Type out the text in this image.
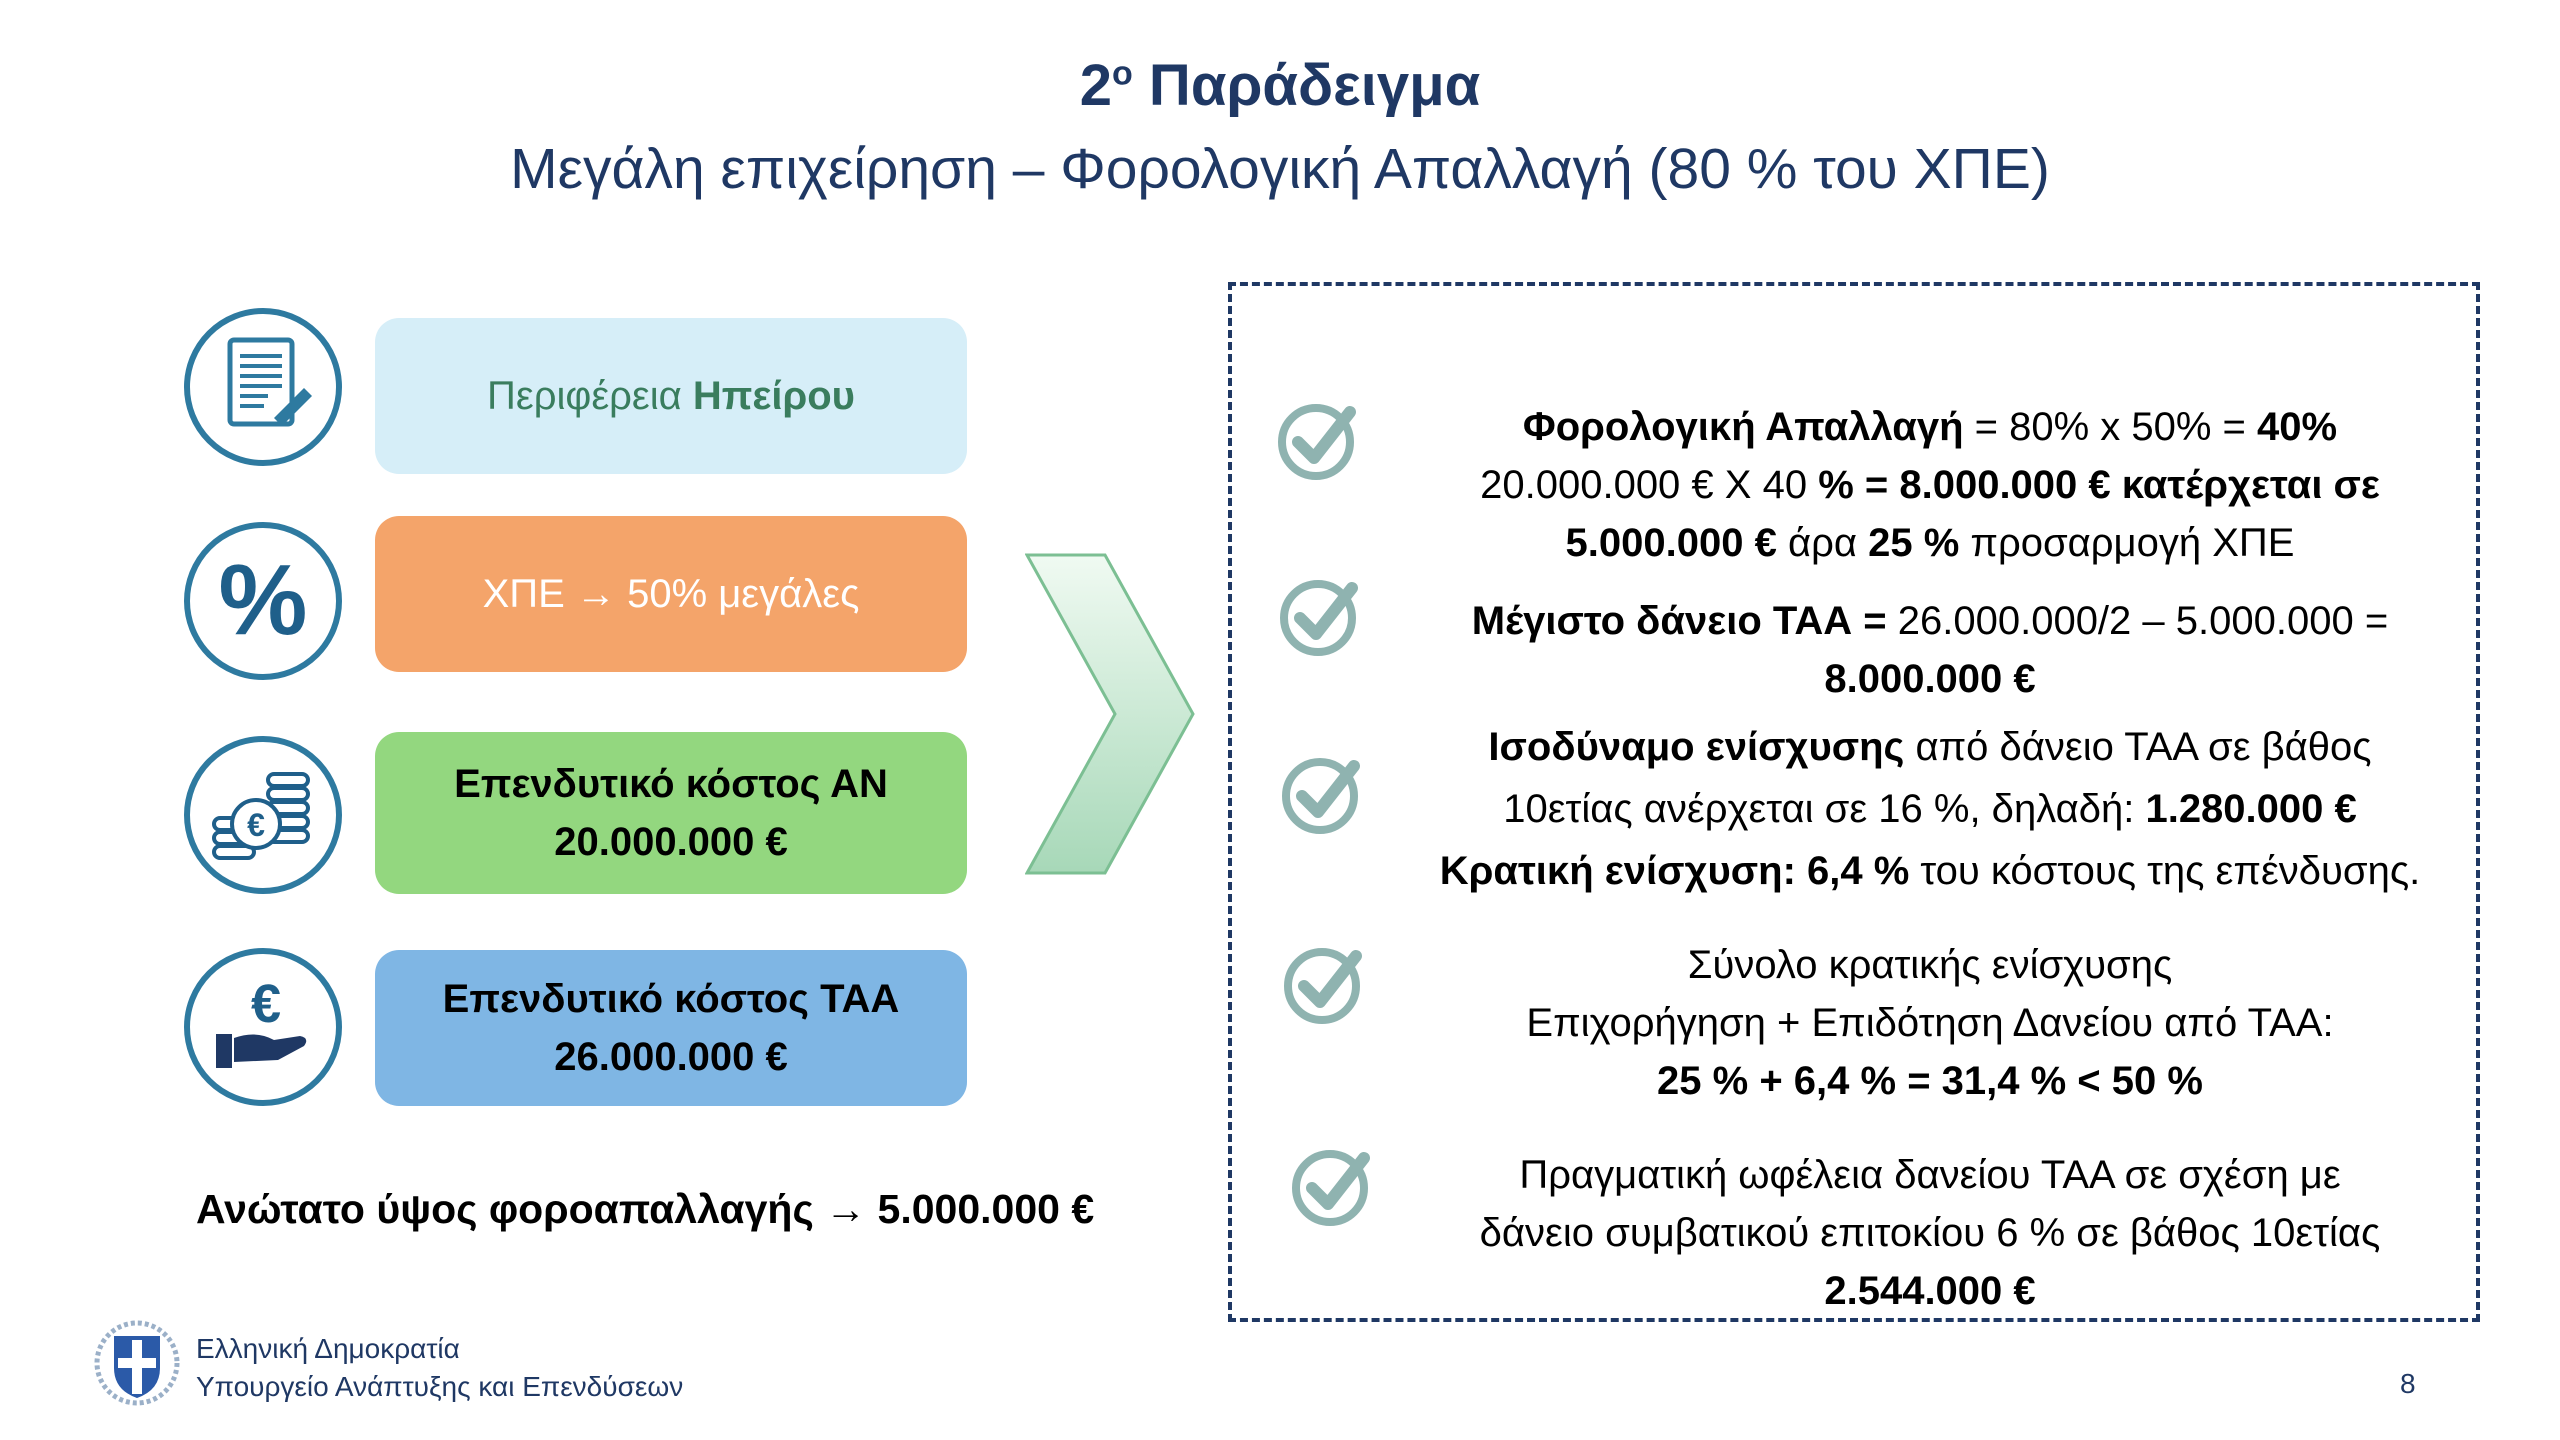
$2^o$ Παράδειγμα
Μεγάλη επιχείρηση – Φορολογική Απαλλαγή (80 % του ΧΠΕ)
%
€
€
Περιφέρεια Ηπείρου
ΧΠΕ → 50% μεγάλες
Επενδυτικό κόστος ΑΝ
20.000.000 €
Επενδυτικό κόστος ΤΑΑ
26.000.000 €
Ανώτατο ύψος φοροαπαλλαγής → 5.000.000 €
Φορολογική Απαλλαγή = 80% x 50% = 40%
20.000.000 € Χ 40 % = 8.000.000 € κατέρχεται σε
5.000.000 € άρα 25 % προσαρμογή ΧΠΕ
Μέγιστο δάνειο ΤΑΑ = 26.000.000/2 – 5.000.000 =
8.000.000 €
Ισοδύναμο ενίσχυσης από δάνειο ΤΑΑ σε βάθος
10ετίας ανέρχεται σε 16 %, δηλαδή: 1.280.000 €
Κρατική ενίσχυση: 6,4 % του κόστους της επένδυσης.
Σύνολο κρατικής ενίσχυσης
Επιχορήγηση + Επιδότηση Δανείου από ΤΑΑ:
25 % + 6,4 % = 31,4 % < 50 %
Πραγματική ωφέλεια δανείου ΤΑΑ σε σχέση με
δάνειο συμβατικού επιτοκίου 6 % σε βάθος 10ετίας
2.544.000 €
Ελληνική Δημοκρατία
Υπουργείο Ανάπτυξης και Επενδύσεων	8
